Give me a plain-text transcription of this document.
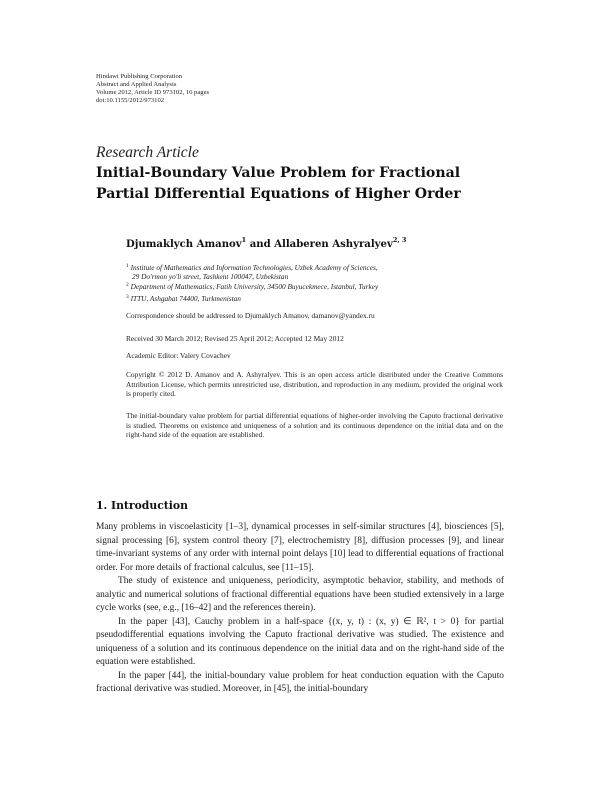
Hindawi Publishing Corporation
Abstract and Applied Analysis
Volume 2012, Article ID 973102, 16 pages
doi:10.1155/2012/973102
Research Article
Initial-Boundary Value Problem for Fractional
Partial Differential Equations of Higher Order
Djumaklych Amanov$^1$ and Allaberen Ashyralyev$^{2, 3}$
$^1$ Institute of Mathematics and Information Technologies, Uzbek Academy of Sciences,
29 Do'rmon yo'li street, Tashkent 100047, Uzbekistan
$^2$ Department of Mathematics, Fatih University, 34500 Buyucekmece, Istanbul, Turkey
$^3$ ITTU, Ashgabat 74400, Turkmenistan
Correspondence should be addressed to Djumaklych Amanov, damanov@yandex.ru
Received 30 March 2012; Revised 25 April 2012; Accepted 12 May 2012
Academic Editor: Valery Covachev
Copyright © 2012 D. Amanov and A. Ashyralyev. This is an open access article distributed under the Creative Commons Attribution License, which permits unrestricted use, distribution, and reproduction in any medium, provided the original work is properly cited.
The initial-boundary value problem for partial differential equations of higher-order involving the Caputo fractional derivative is studied. Theorems on existence and uniqueness of a solution and its continuous dependence on the initial data and on the right-hand side of the equation are established.
1. Introduction

Many problems in viscoelasticity [1–3], dynamical processes in self-similar structures [4], biosciences [5], signal processing [6], system control theory [7], electrochemistry [8], diffusion processes [9], and linear time-invariant systems of any order with internal point delays [10] lead to differential equations of fractional order. For more details of fractional calculus, see [11–15].

The study of existence and uniqueness, periodicity, asymptotic behavior, stability, and methods of analytic and numerical solutions of fractional differential equations have been studied extensively in a large cycle works (see, e.g., [16–42] and the references therein).

In the paper [43], Cauchy problem in a half-space {(x, y, t) : (x, y) ∈ ℝ², t > 0} for partial pseudodifferential equations involving the Caputo fractional derivative was studied. The existence and uniqueness of a solution and its continuous dependence on the initial data and on the right-hand side of the equation were established.

In the paper [44], the initial-boundary value problem for heat conduction equation with the Caputo fractional derivative was studied. Moreover, in [45], the initial-boundary
